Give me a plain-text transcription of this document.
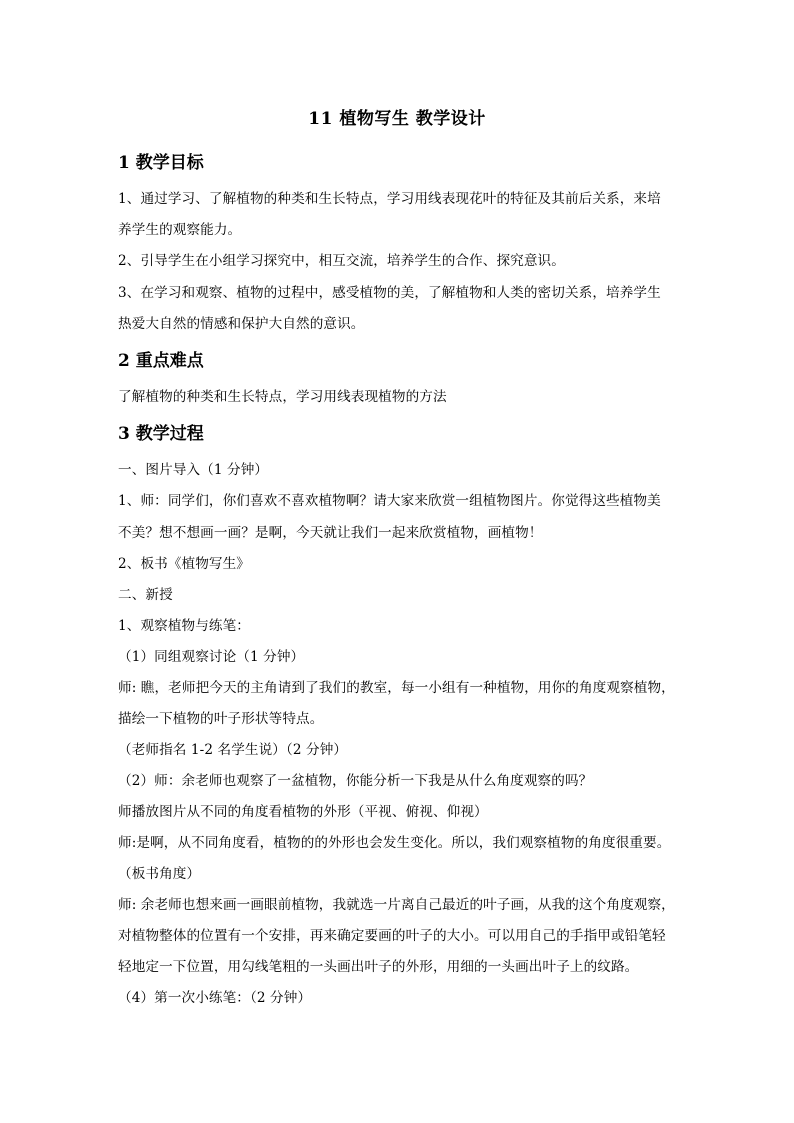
11 植物写生 教学设计
1 教学目标
1、通过学习、了解植物的种类和生长特点，学习用线表现花叶的特征及其前后关系，来培
养学生的观察能力。
2、引导学生在小组学习探究中，相互交流，培养学生的合作、探究意识。
3、在学习和观察、植物的过程中，感受植物的美，了解植物和人类的密切关系，培养学生
热爱大自然的情感和保护大自然的意识。
2 重点难点
了解植物的种类和生长特点，学习用线表现植物的方法
3 教学过程
一、图片导入（1 分钟）
1、师：同学们，你们喜欢不喜欢植物啊？请大家来欣赏一组植物图片。你觉得这些植物美
不美？想不想画一画？是啊，今天就让我们一起来欣赏植物，画植物！
2、板书《植物写生》
二、新授
1、观察植物与练笔：
（1）同组观察讨论（1 分钟）
师: 瞧，老师把今天的主角请到了我们的教室，每一小组有一种植物，用你的角度观察植物，
描绘一下植物的叶子形状等特点。
（老师指名 1-2 名学生说）（2 分钟）
（2）师：余老师也观察了一盆植物，你能分析一下我是从什么角度观察的吗？
师播放图片从不同的角度看植物的外形（平视、俯视、仰视）
师:是啊，从不同角度看，植物的的外形也会发生变化。所以，我们观察植物的角度很重要。
（板书角度）
师: 余老师也想来画一画眼前植物，我就选一片离自己最近的叶子画，从我的这个角度观察，
对植物整体的位置有一个安排，再来确定要画的叶子的大小。可以用自己的手指甲或铅笔轻
轻地定一下位置，用勾线笔粗的一头画出叶子的外形，用细的一头画出叶子上的纹路。
（4）第一次小练笔：（2 分钟）
